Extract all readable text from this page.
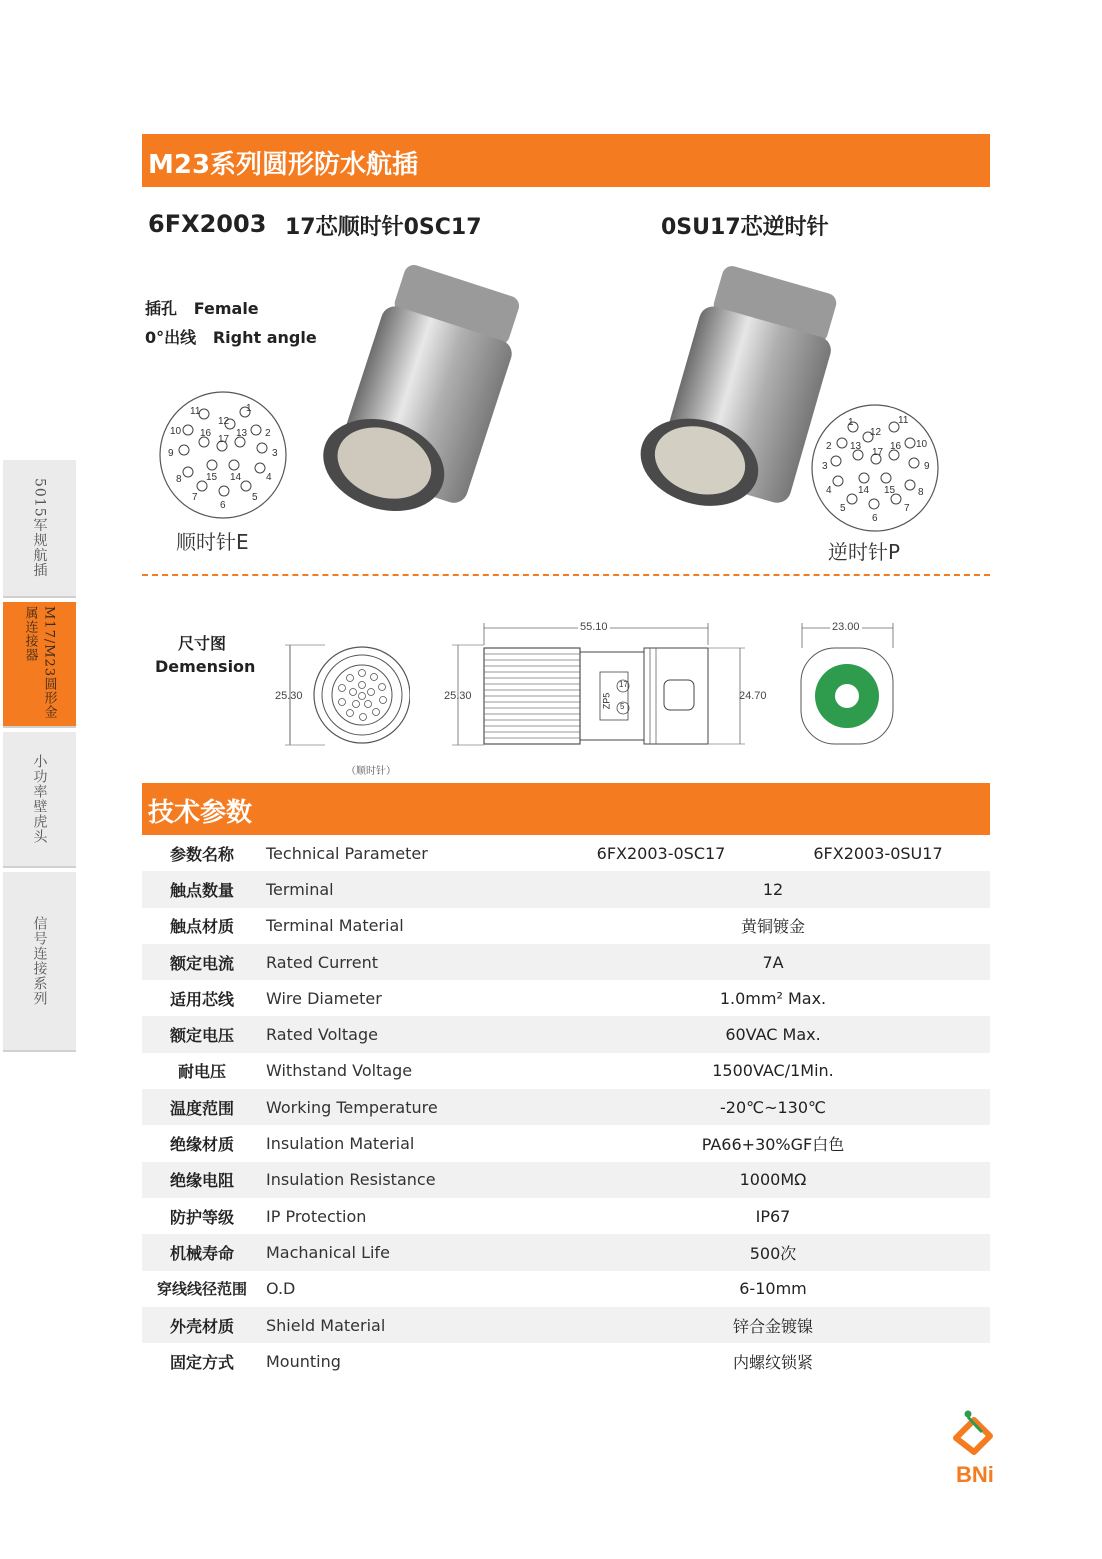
M23系列圆形防水航插
5015军规航插
M17/M23圆形金属连接器
小功率壁虎头
信号连接系列
6FX2003 17芯顺时针0SC17	0SU17芯逆时针
插孔   Female
0°出线   Right angle
1
2
3
4
5
6
7
8
9
10
11
12
13
14
15
16
17
顺时针E
1
2
3
4
5
6
7
8
9
10
11
12
13
14 15
16
17
逆时针P
尺寸图
Demension
25.30
（顺时针）
55.10
25.30	24.70
ZP5
17
5
23.00
技术参数
参数名称	Technical Parameter	6FX2003-0SC17	6FX2003-0SU17
触点数量	Terminal	12	
触点材质	Terminal Material	黄铜镀金	
额定电流	Rated Current	7A	
适用芯线	Wire Diameter	1.0mm² Max.	
额定电压	Rated Voltage	60VAC Max.	
耐电压	Withstand Voltage	1500VAC/1Min.	
温度范围	Working Temperature	-20℃~130℃	
绝缘材质	Insulation Material	PA66+30%GF白色	
绝缘电阻	Insulation Resistance	1000MΩ	
防护等级	IP Protection	IP67	
机械寿命	Machanical Life	500次	
穿线线径范围	O.D	6-10mm	
外壳材质	Shield Material	锌合金镀镍	
固定方式	Mounting	内螺纹锁紧	
BNi
